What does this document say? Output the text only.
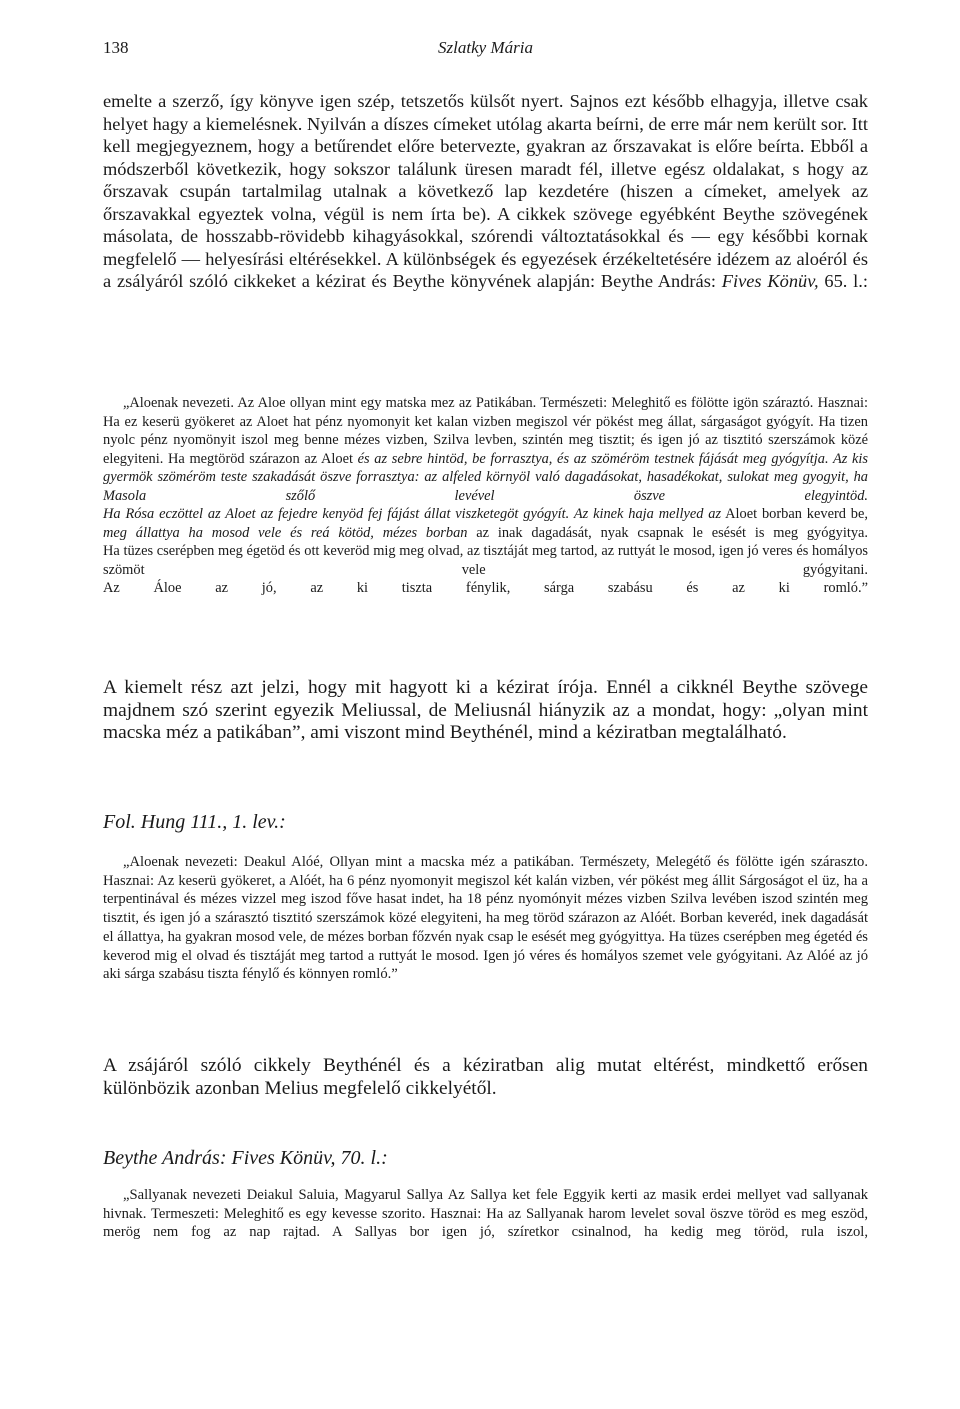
138	Szlatky Mária

emelte a szerző, így könyve igen szép, tetszetős külsőt nyert. Sajnos ezt később elhagyja, illetve csak helyet hagy a kiemelésnek. Nyilván a díszes címeket utólag akarta beírni, de erre már nem került sor. Itt kell megjegyeznem, hogy a betűrendet előre betervezte, gyakran az őrszavakat is előre beírta. Ebből a módszerből következik, hogy sokszor találunk üresen maradt fél, illetve egész oldalakat, s hogy az őrszavak csupán tartalmilag utalnak a következő lap kezdetére (hiszen a címeket, amelyek az őrszavakkal egyeztek volna, végül is nem írta be). A cikkek szövege egyébként Beythe szövegének másolata, de hosszabb-rövidebb kihagyásokkal, szórendi változtatásokkal és — egy későbbi kornak megfelelő — helyesírási eltérésekkel. A különbségek és egyezések érzékeltetésére idézem az aloéról és a zsályáról szóló cikkeket a kézirat és Beythe könyvének alapján: Beythe András: Fives Könüv, 65. l.:

„Aloenak nevezeti. Az Aloe ollyan mint egy matska mez az Patikában. Természeti: Meleghitő es fölötte igön száraztó. Hasznai: Ha ez keserü gyökeret az Aloet hat pénz nyomonyit ket kalan vizben megiszol vér pökést meg állat, sárgaságot gyógyít. Ha tizen nyolc pénz nyomönyit iszol meg benne mézes vizben, Szilva levben, szintén meg tisztit; és igen jó az tisztitó szerszámok közé elegyiteni. Ha megtöröd szárazon az Aloet és az sebre hintöd, be forrasztya, és az szöméröm testnek fájását meg gyógyítja. Az kis gyermök szöméröm teste szakadását öszve forrasztya: az alfeled környöl való dagadásokat, hasadékokat, sulokat meg gyogyit, ha Masola szőlő levével öszve elegyintöd.
Ha Rósa eczöttel az Aloet az fejedre kenyöd fej fájást állat viszketegöt gyógyít. Az kinek haja mellyed az Aloet borban keverd be, meg állattya ha mosod vele és reá kötöd, mézes borban az inak dagadását, nyak csapnak le esését is meg gyógyitya.
Ha tüzes cserépben meg égetöd és ott keveröd mig meg olvad, az tisztáját meg tartod, az ruttyát le mosod, igen jó veres és homályos szömöt vele gyógyitani.
Az Áloe az jó, az ki tiszta fénylik, sárga szabásu és az ki romló.”

A kiemelt rész azt jelzi, hogy mit hagyott ki a kézirat írója. Ennél a cikknél Beythe szövege majdnem szó szerint egyezik Meliussal, de Meliusnál hiányzik az a mondat, hogy: „olyan mint macska méz a patikában”, ami viszont mind Beythénél, mind a kéziratban megtalálható.

Fol. Hung 111., 1. lev.:

„Aloenak nevezeti: Deakul Alóé, Ollyan mint a macska méz a patikában. Természety, Melegétő és fölötte igén száraszto. Hasznai: Az keserü gyökeret, a Alóét, ha 6 pénz nyomonyit megiszol két kalán vizben, vér pökést meg állit Sárgoságot el üz, ha a terpentinával és mézes vizzel meg iszod főve hasat indet, ha 18 pénz nyomónyit mézes vizben Szilva levében iszod szintén meg tisztit, és igen jó a szárasztó tisztitó szerszámok közé elegyiteni, ha meg töröd szárazon az Alóét. Borban keveréd, inek dagadását el állattya, ha gyakran mosod vele, de mézes borban főzvén nyak csap le esését meg gyógyittya. Ha tüzes cserépben meg égetéd és keverod mig el olvad és tisztáját meg tartod a ruttyát le mosod. Igen jó véres és homályos szemet vele gyógyitani. Az Alóé az jó aki sárga szabásu tiszta fénylő és könnyen romló.”

A zsájáról szóló cikkely Beythénél és a kéziratban alig mutat eltérést, mindkettő erősen különbözik azonban Melius megfelelő cikkelyétől.

Beythe András: Fives Könüv, 70. l.:

„Sallyanak nevezeti Deiakul Saluia, Magyarul Sallya Az Sallya ket fele Eggyik kerti az masik erdei mellyet vad sallyanak hivnak. Termeszeti: Meleghitő es egy kevesse szorito. Hasznai: Ha az Sallyanak harom levelet soval öszve töröd es meg eszöd, merög nem fog az nap rajtad. A Sallyas bor igen jó, szíretkor csinalnod, ha kedig meg töröd, rula iszol,
